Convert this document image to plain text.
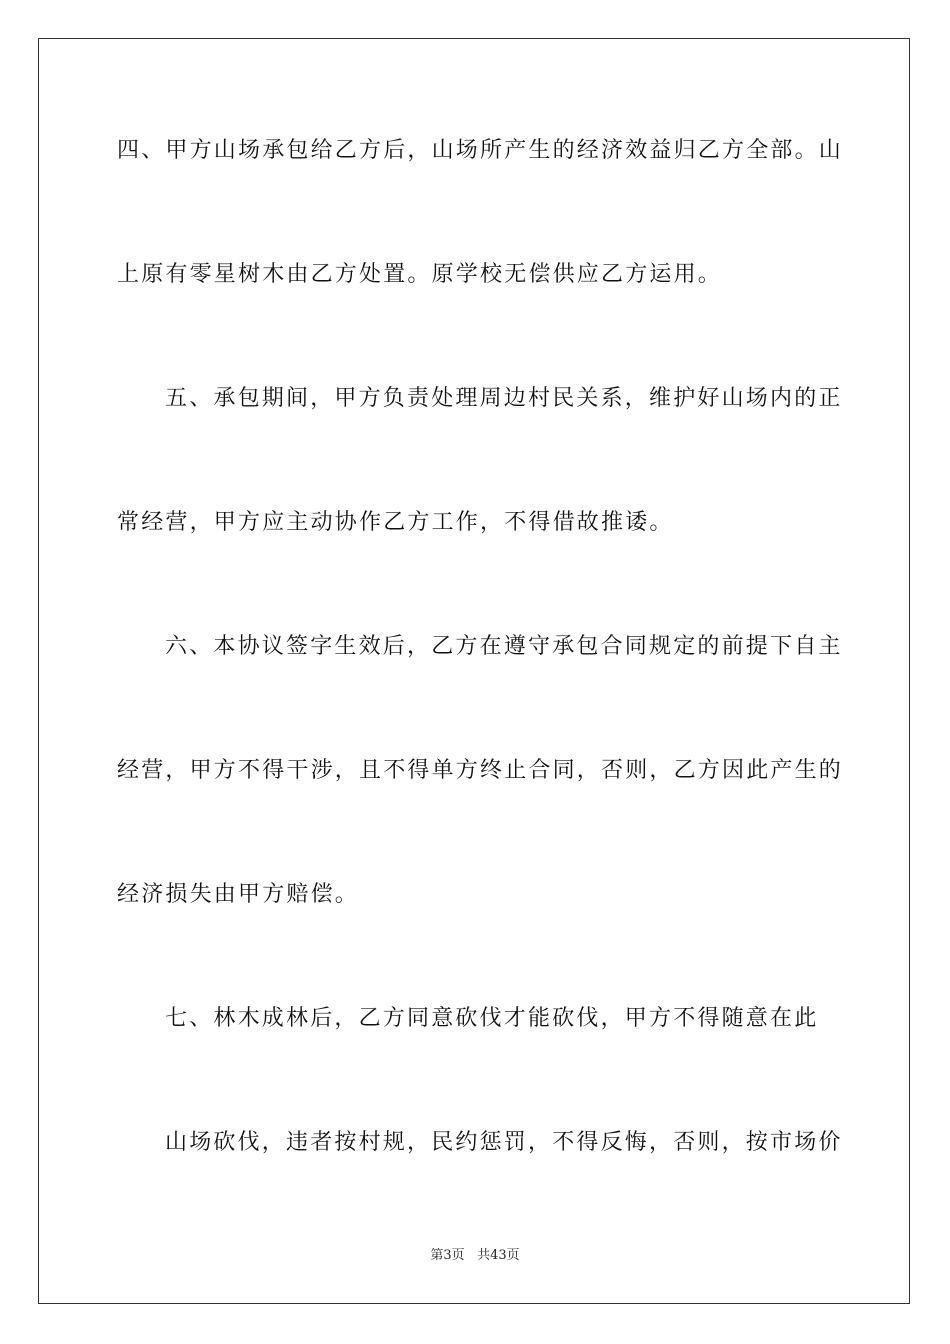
四、甲方山场承包给乙方后，山场所产生的经济效益归乙方全部。山
上原有零星树木由乙方处置。原学校无偿供应乙方运用。
五、承包期间，甲方负责处理周边村民关系，维护好山场内的正
常经营，甲方应主动协作乙方工作，不得借故推诿。
六、本协议签字生效后，乙方在遵守承包合同规定的前提下自主
经营，甲方不得干涉，且不得单方终止合同，否则，乙方因此产生的
经济损失由甲方赔偿。
七、林木成林后，乙方同意砍伐才能砍伐，甲方不得随意在此
山场砍伐，违者按村规，民约惩罚，不得反悔，否则，按市场价
第3页 共43页
